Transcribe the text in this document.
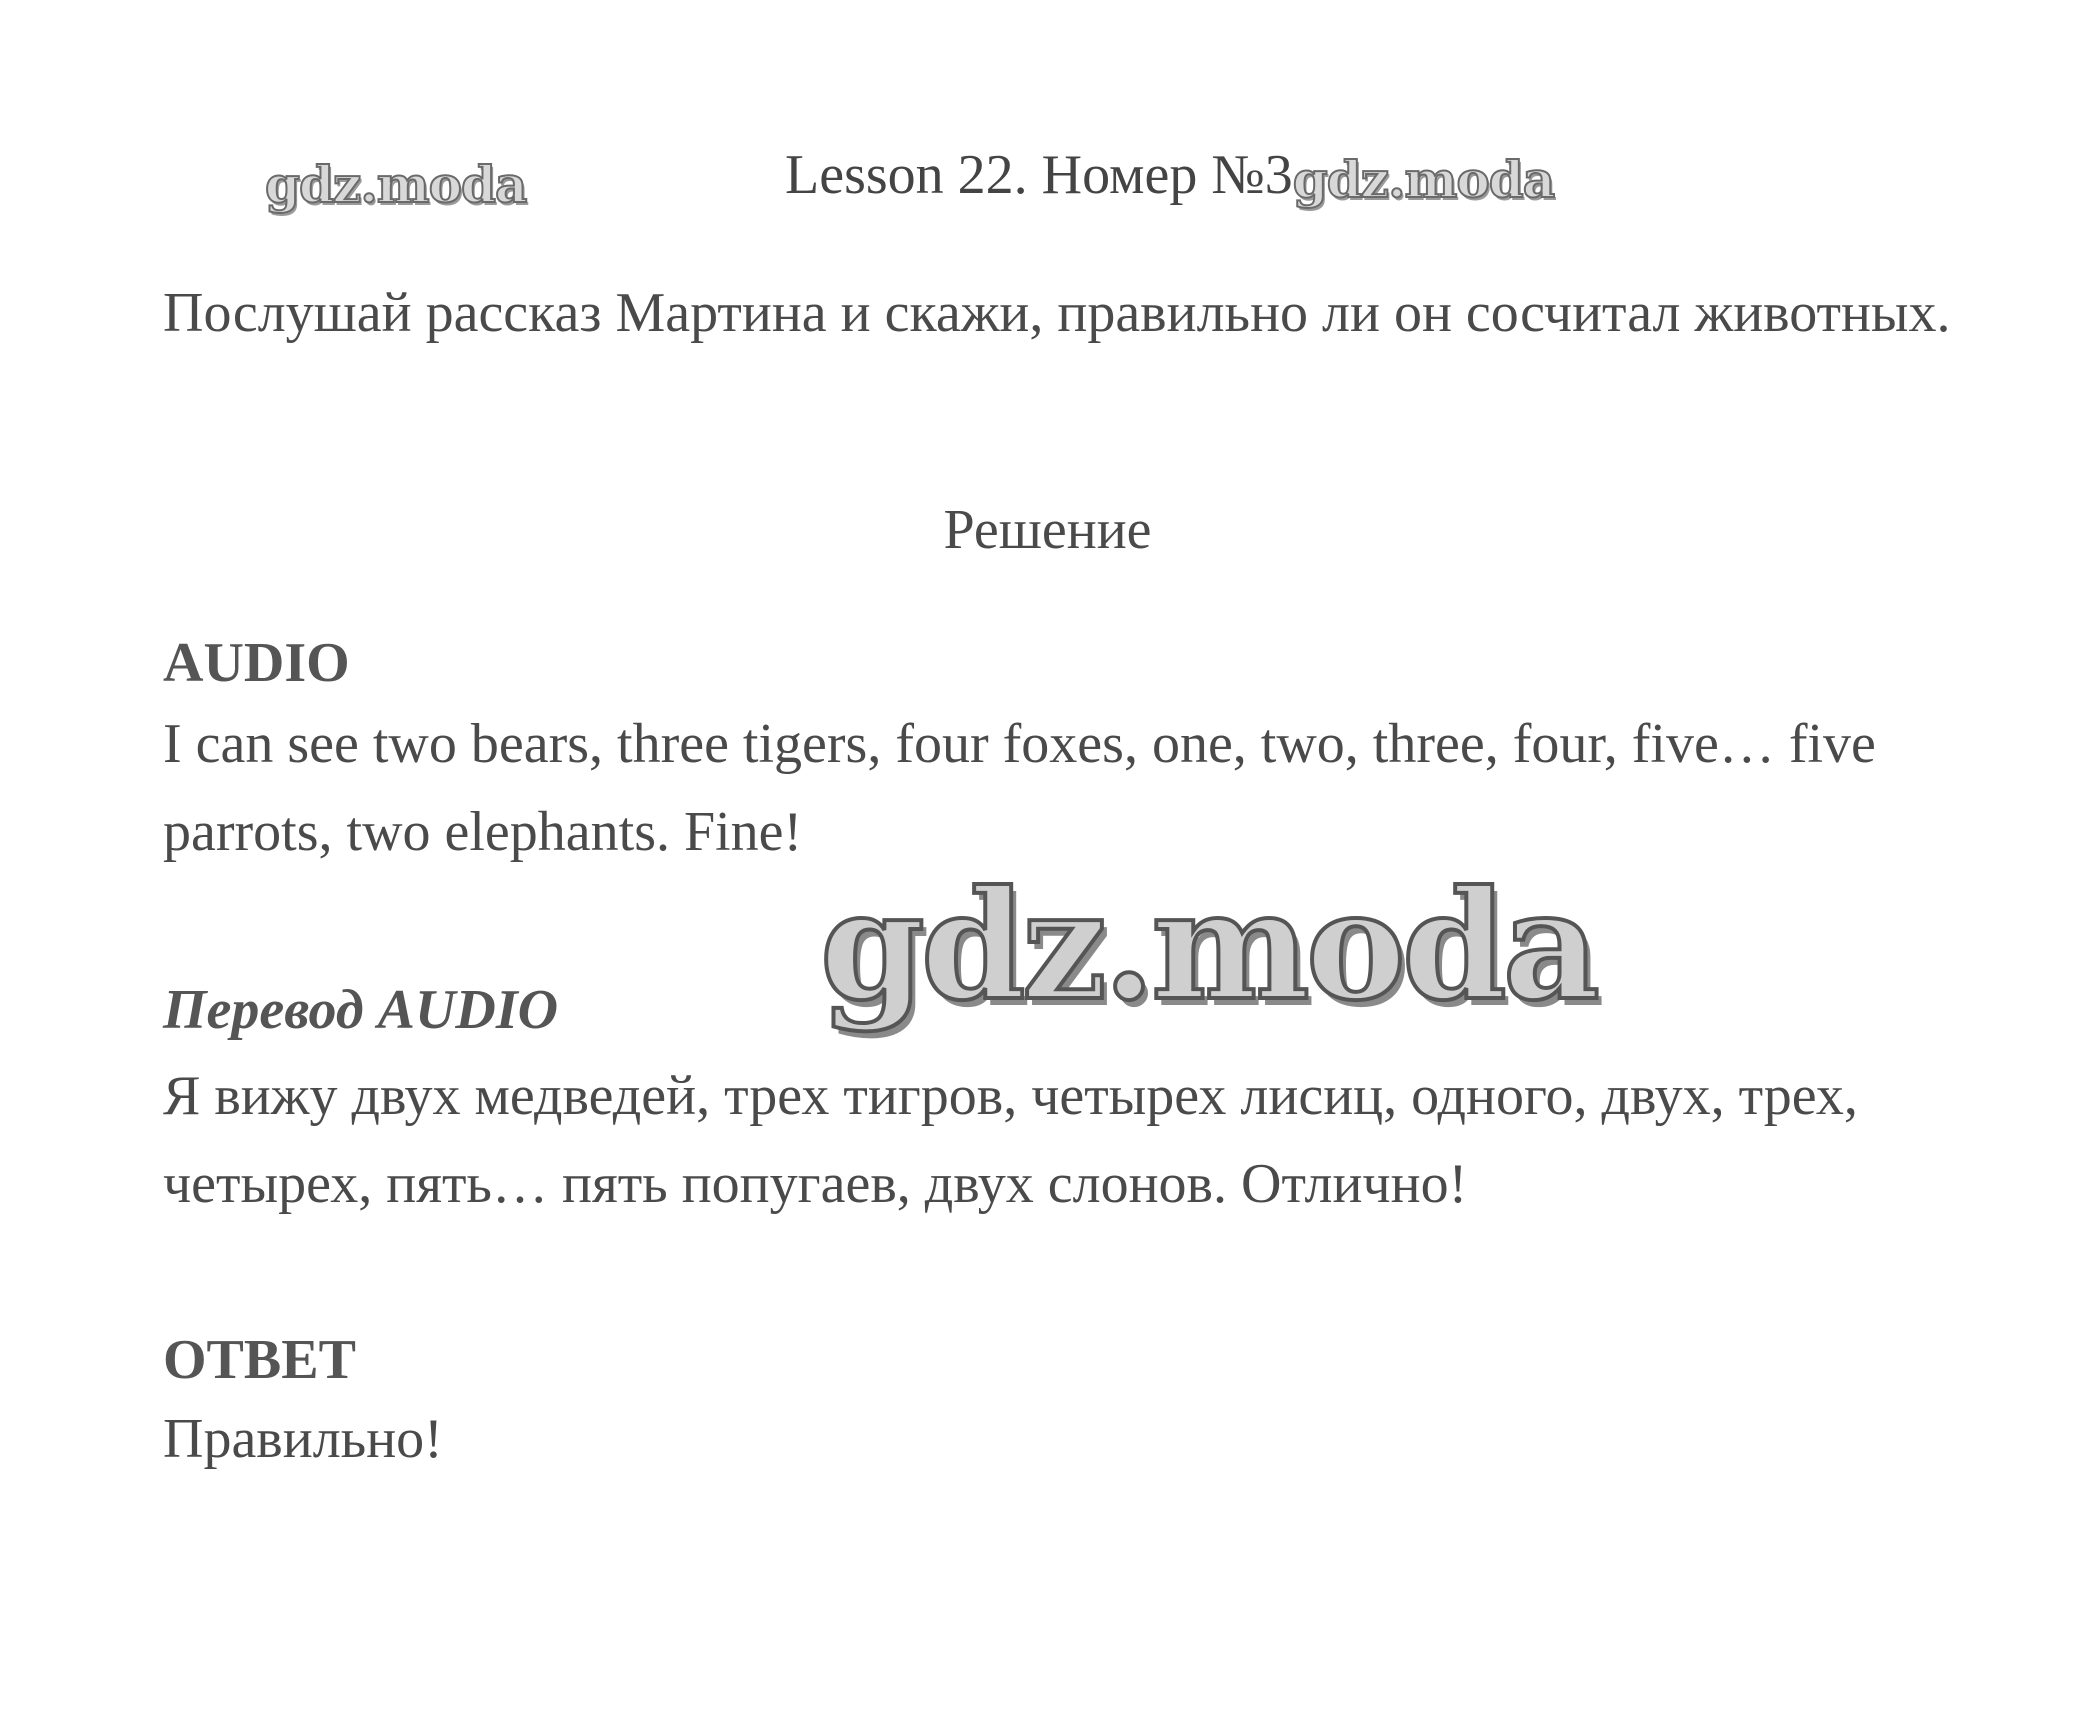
gdz.moda	Lesson 22. Номер №3gdz.moda
Послушай рассказ Мартина и скажи, правильно ли он сосчитал животных.
Решение
AUDIO
I can see two bears, three tigers, four foxes, one, two, three, four, five… five parrots, two elephants. Fine!
gdz.moda
Перевод AUDIO
Я вижу двух медведей, трех тигров, четырех лисиц, одного, двух, трех, четырех, пять… пять попугаев, двух слонов. Отлично!
ОТВЕТ
Правильно!
